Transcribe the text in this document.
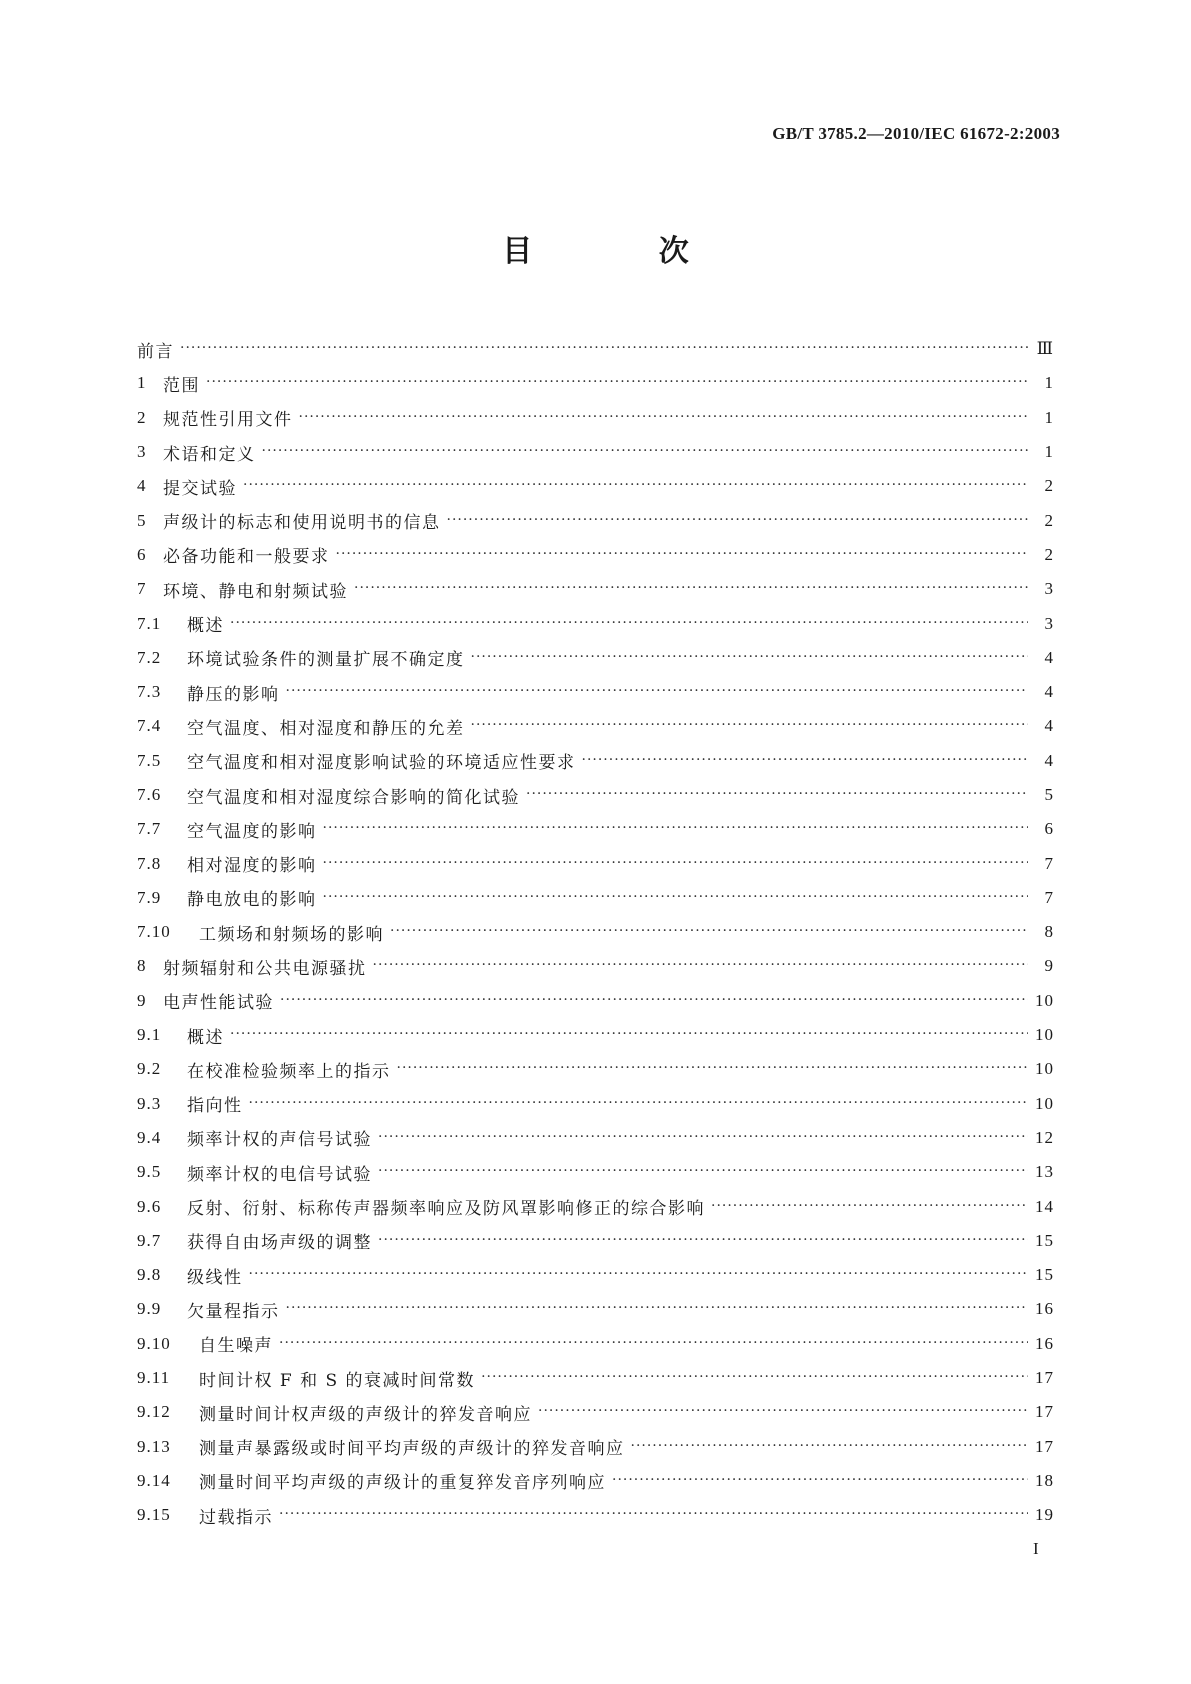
GB/T 3785.2—2010/IEC 61672-2:2003
目 次
前言 ·····	Ⅲ
1 范围 ·····	1
2 规范性引用文件 ·····	1
3 术语和定义 ·····	1
4 提交试验 ·····	2
5 声级计的标志和使用说明书的信息 ·····	2
6 必备功能和一般要求 ·····	2
7 环境、静电和射频试验 ·····	3
7.1	概述 ·····	3
7.2	环境试验条件的测量扩展不确定度 ·····	4
7.3	静压的影响 ·····	4
7.4	空气温度、相对湿度和静压的允差 ·····	4
7.5	空气温度和相对湿度影响试验的环境适应性要求 ·····	4
7.6	空气温度和相对湿度综合影响的简化试验 ·····	5
7.7	空气温度的影响 ·····	6
7.8	相对湿度的影响 ·····	7
7.9	静电放电的影响 ·····	7
7.10	工频场和射频场的影响 ·····	8
8 射频辐射和公共电源骚扰 ·····	9
9 电声性能试验 ·····	10
9.1	概述 ·····	10
9.2	在校准检验频率上的指示 ·····	10
9.3	指向性 ·····	10
9.4	频率计权的声信号试验 ·····	12
9.5	频率计权的电信号试验 ·····	13
9.6	反射、衍射、标称传声器频率响应及防风罩影响修正的综合影响 ·····	14
9.7	获得自由场声级的调整 ·····	15
9.8	级线性 ·····	15
9.9	欠量程指示 ·····	16
9.10	自生噪声 ·····	16
9.11	时间计权 F 和 S 的衰减时间常数 ·····	17
9.12	测量时间计权声级的声级计的猝发音响应 ·····	17
9.13	测量声暴露级或时间平均声级的声级计的猝发音响应 ·····	17
9.14	测量时间平均声级的声级计的重复猝发音序列响应 ·····	18
9.15	过载指示 ·····	19
I
